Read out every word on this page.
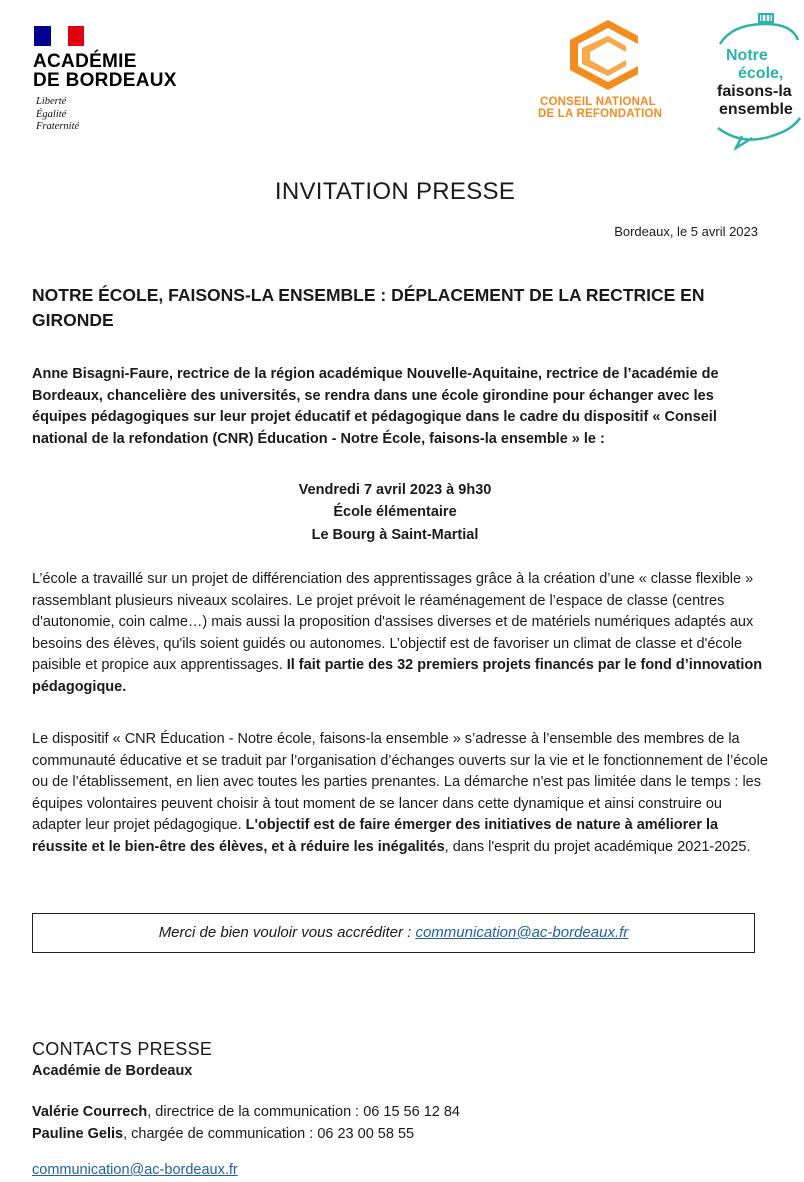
ACADÉMIE
DE BORDEAUX
Liberté
Égalité
Fraternité
CONSEIL NATIONAL
DE LA REFONDATION
Notre
école,
faisons-la
ensemble
INVITATION PRESSE
Bordeaux, le 5 avril 2023
NOTRE ÉCOLE, FAISONS-LA ENSEMBLE : DÉPLACEMENT DE LA RECTRICE EN GIRONDE
Anne Bisagni-Faure, rectrice de la région académique Nouvelle-Aquitaine, rectrice de l’académie de Bordeaux, chancelière des universités, se rendra dans une école girondine pour échanger avec les équipes pédagogiques sur leur projet éducatif et pédagogique dans le cadre du dispositif « Conseil national de la refondation (CNR) Éducation - Notre École, faisons-la ensemble » le :
Vendredi 7 avril 2023 à 9h30
École élémentaire
Le Bourg à Saint-Martial
L’école a travaillé sur un projet de différenciation des apprentissages grâce à la création d’une « classe flexible » rassemblant plusieurs niveaux scolaires. Le projet prévoit le réaménagement de l’espace de classe (centres d'autonomie, coin calme…) mais aussi la proposition d'assises diverses et de matériels numériques adaptés aux besoins des élèves, qu'ils soient guidés ou autonomes. L’objectif est de favoriser un climat de classe et d'école paisible et propice aux apprentissages. Il fait partie des 32 premiers projets financés par le fond d’innovation pédagogique.
Le dispositif « CNR Éducation - Notre école, faisons-la ensemble » s’adresse à l’ensemble des membres de la communauté éducative et se traduit par l’organisation d’échanges ouverts sur la vie et le fonctionnement de l’école ou de l’établissement, en lien avec toutes les parties prenantes. La démarche n'est pas limitée dans le temps : les équipes volontaires peuvent choisir à tout moment de se lancer dans cette dynamique et ainsi construire ou adapter leur projet pédagogique. L'objectif est de faire émerger des initiatives de nature à améliorer la réussite et le bien-être des élèves, et à réduire les inégalités, dans l'esprit du projet académique 2021-2025.
Merci de bien vouloir vous accréditer : communication@ac-bordeaux.fr
CONTACTS PRESSE
Académie de Bordeaux
Valérie Courrech, directrice de la communication : 06 15 56 12 84
Pauline Gelis, chargée de communication : 06 23 00 58 55
communication@ac-bordeaux.fr
